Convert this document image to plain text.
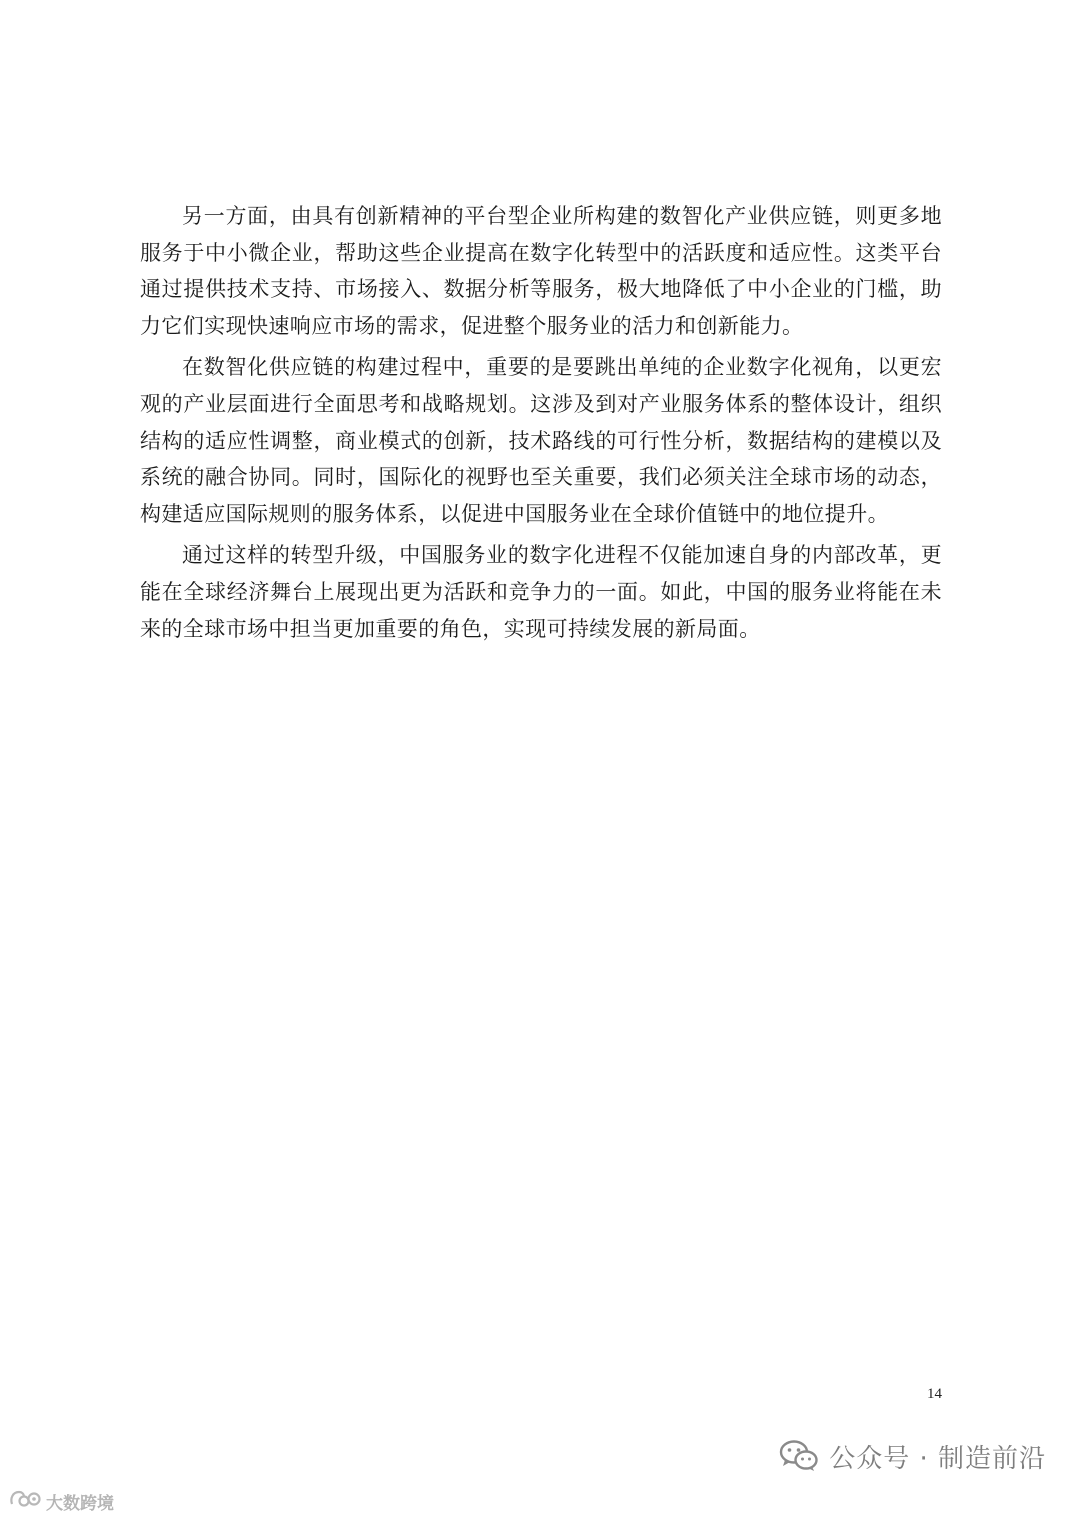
另一方面，由具有创新精神的平台型企业所构建的数智化产业供应链，则更多地服务于中小微企业，帮助这些企业提高在数字化转型中的活跃度和适应性。这类平台通过提供技术支持、市场接入、数据分析等服务，极大地降低了中小企业的门槛，助力它们实现快速响应市场的需求，促进整个服务业的活力和创新能力。

在数智化供应链的构建过程中，重要的是要跳出单纯的企业数字化视角，以更宏观的产业层面进行全面思考和战略规划。这涉及到对产业服务体系的整体设计，组织结构的适应性调整，商业模式的创新，技术路线的可行性分析，数据结构的建模以及系统的融合协同。同时，国际化的视野也至关重要，我们必须关注全球市场的动态，构建适应国际规则的服务体系，以促进中国服务业在全球价值链中的地位提升。

通过这样的转型升级，中国服务业的数字化进程不仅能加速自身的内部改革，更能在全球经济舞台上展现出更为活跃和竞争力的一面。如此，中国的服务业将能在未来的全球市场中担当更加重要的角色，实现可持续发展的新局面。

14
公众号 · 制造前沿
大数跨境
